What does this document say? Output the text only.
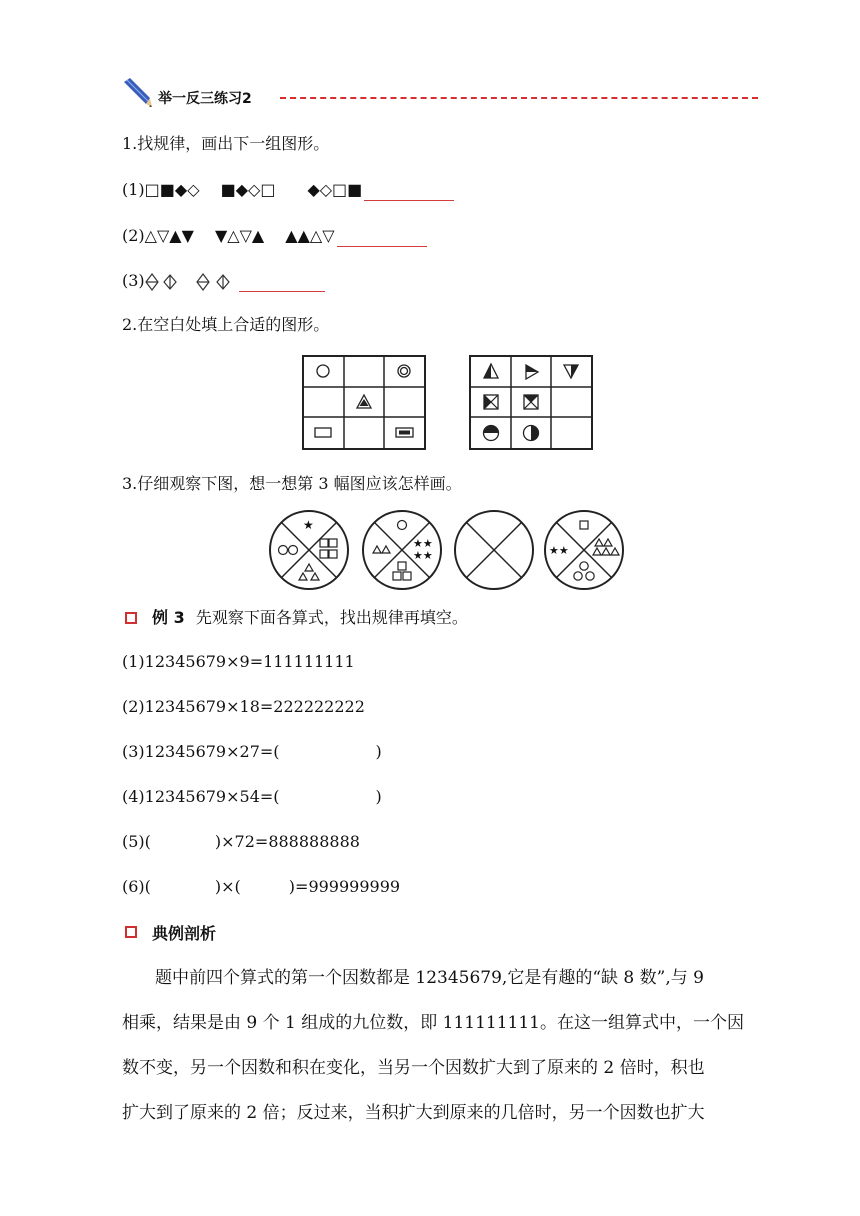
举一反三练习2
1.找规律，画出下一组图形。
(1)□■◆◇　 ■◆◇□　　◆◇□■
(2)△▽▲▼　 ▼△▽▲　 ▲▲△▽
(3)
2.在空白处填上合适的图形。
3.仔细观察下图，想一想第 3 幅图应该怎样画。
★
★★
★★	★★
例 3 先观察下面各算式，找出规律再填空。
(1)12345679×9=111111111
(2)12345679×18=222222222
(3)12345679×27=(　　　　　　)
(4)12345679×54=(　　　　　　)
(5)(　　　　)×72=888888888
(6)(　　　　)×(　　　)=999999999
典例剖析
题中前四个算式的第一个因数都是 12345679,它是有趣的“缺 8 数”,与 9
相乘，结果是由 9 个 1 组成的九位数，即 111111111。在这一组算式中，一个因
数不变，另一个因数和积在变化，当另一个因数扩大到了原来的 2 倍时，积也
扩大到了原来的 2 倍；反过来，当积扩大到原来的几倍时，另一个因数也扩大
